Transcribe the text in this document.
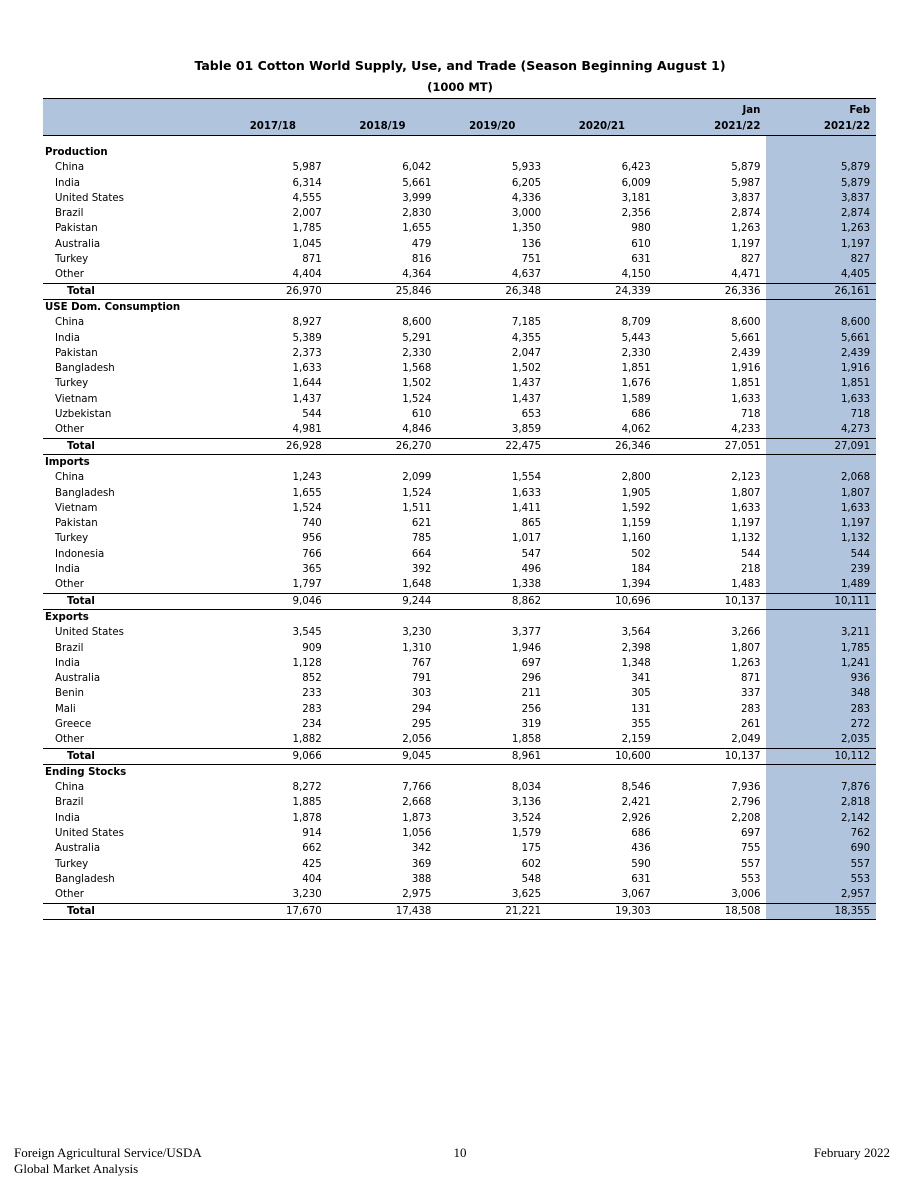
Table 01 Cotton World Supply, Use, and Trade (Season Beginning August 1)
(1000 MT)
					Jan	Feb
	2017/18	2018/19	2019/20	2020/21	2021/22	2021/22

Production						
China	5,987	6,042	5,933	6,423	5,879	5,879
India	6,314	5,661	6,205	6,009	5,987	5,879
United States	4,555	3,999	4,336	3,181	3,837	3,837
Brazil	2,007	2,830	3,000	2,356	2,874	2,874
Pakistan	1,785	1,655	1,350	980	1,263	1,263
Australia	1,045	479	136	610	1,197	1,197
Turkey	871	816	751	631	827	827
Other	4,404	4,364	4,637	4,150	4,471	4,405
Total	26,970	25,846	26,348	24,339	26,336	26,161
USE Dom. Consumption						
China	8,927	8,600	7,185	8,709	8,600	8,600
India	5,389	5,291	4,355	5,443	5,661	5,661
Pakistan	2,373	2,330	2,047	2,330	2,439	2,439
Bangladesh	1,633	1,568	1,502	1,851	1,916	1,916
Turkey	1,644	1,502	1,437	1,676	1,851	1,851
Vietnam	1,437	1,524	1,437	1,589	1,633	1,633
Uzbekistan	544	610	653	686	718	718
Other	4,981	4,846	3,859	4,062	4,233	4,273
Total	26,928	26,270	22,475	26,346	27,051	27,091
Imports						
China	1,243	2,099	1,554	2,800	2,123	2,068
Bangladesh	1,655	1,524	1,633	1,905	1,807	1,807
Vietnam	1,524	1,511	1,411	1,592	1,633	1,633
Pakistan	740	621	865	1,159	1,197	1,197
Turkey	956	785	1,017	1,160	1,132	1,132
Indonesia	766	664	547	502	544	544
India	365	392	496	184	218	239
Other	1,797	1,648	1,338	1,394	1,483	1,489
Total	9,046	9,244	8,862	10,696	10,137	10,111
Exports						
United States	3,545	3,230	3,377	3,564	3,266	3,211
Brazil	909	1,310	1,946	2,398	1,807	1,785
India	1,128	767	697	1,348	1,263	1,241
Australia	852	791	296	341	871	936
Benin	233	303	211	305	337	348
Mali	283	294	256	131	283	283
Greece	234	295	319	355	261	272
Other	1,882	2,056	1,858	2,159	2,049	2,035
Total	9,066	9,045	8,961	10,600	10,137	10,112
Ending Stocks						
China	8,272	7,766	8,034	8,546	7,936	7,876
Brazil	1,885	2,668	3,136	2,421	2,796	2,818
India	1,878	1,873	3,524	2,926	2,208	2,142
United States	914	1,056	1,579	686	697	762
Australia	662	342	175	436	755	690
Turkey	425	369	602	590	557	557
Bangladesh	404	388	548	631	553	553
Other	3,230	2,975	3,625	3,067	3,006	2,957
Total	17,670	17,438	21,221	19,303	18,508	18,355
Foreign Agricultural Service/USDA
Global Market Analysis
10	February 2022
